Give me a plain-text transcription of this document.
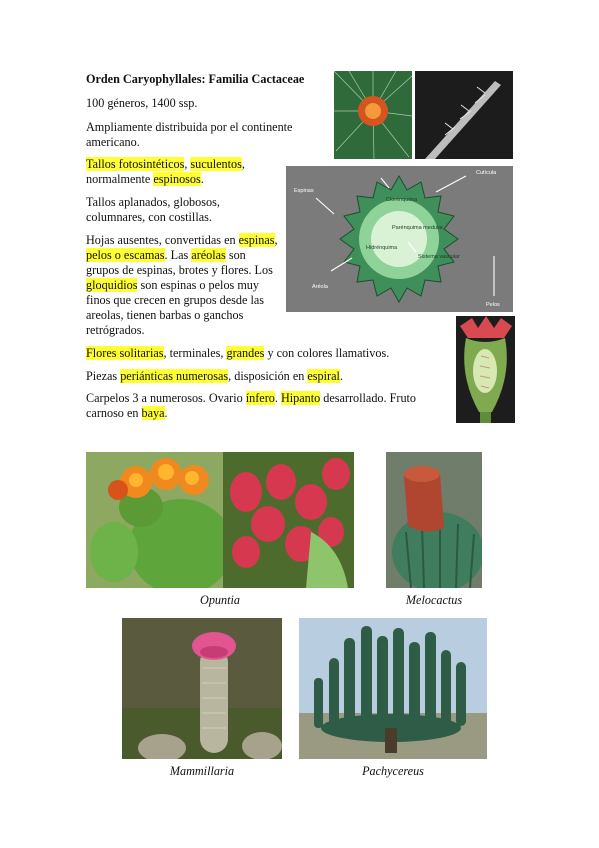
Orden Caryophyllales: Familia Cactaceae
100 géneros, 1400 ssp.
Ampliamente distribuida por el continente americano.
Tallos fotosintéticos, suculentos, normalmente espinosos.
Tallos aplanados, globosos, columnares, con costillas.
Hojas ausentes, convertidas en espinas, pelos o escamas. Las aréolas son grupos de espinas, brotes y flores. Los gloquidios son espinas o pelos muy finos que crecen en grupos desde las areolas, tienen barbas o ganchos retrógrados.
Flores solitarias, terminales, grandes y con colores llamativos.
Piezas periánticas numerosas, disposición en espiral.
Carpelos 3 a numerosos. Ovario ínfero. Hipanto desarrollado. Fruto carnoso en baya.
Espinas
Clorénquima
Parénquima medular
Hidrénquima
Sistema vascular
Aréola
Pelos
Cutícula
Opuntia	Melocactus
Mammillaria	Pachycereus
